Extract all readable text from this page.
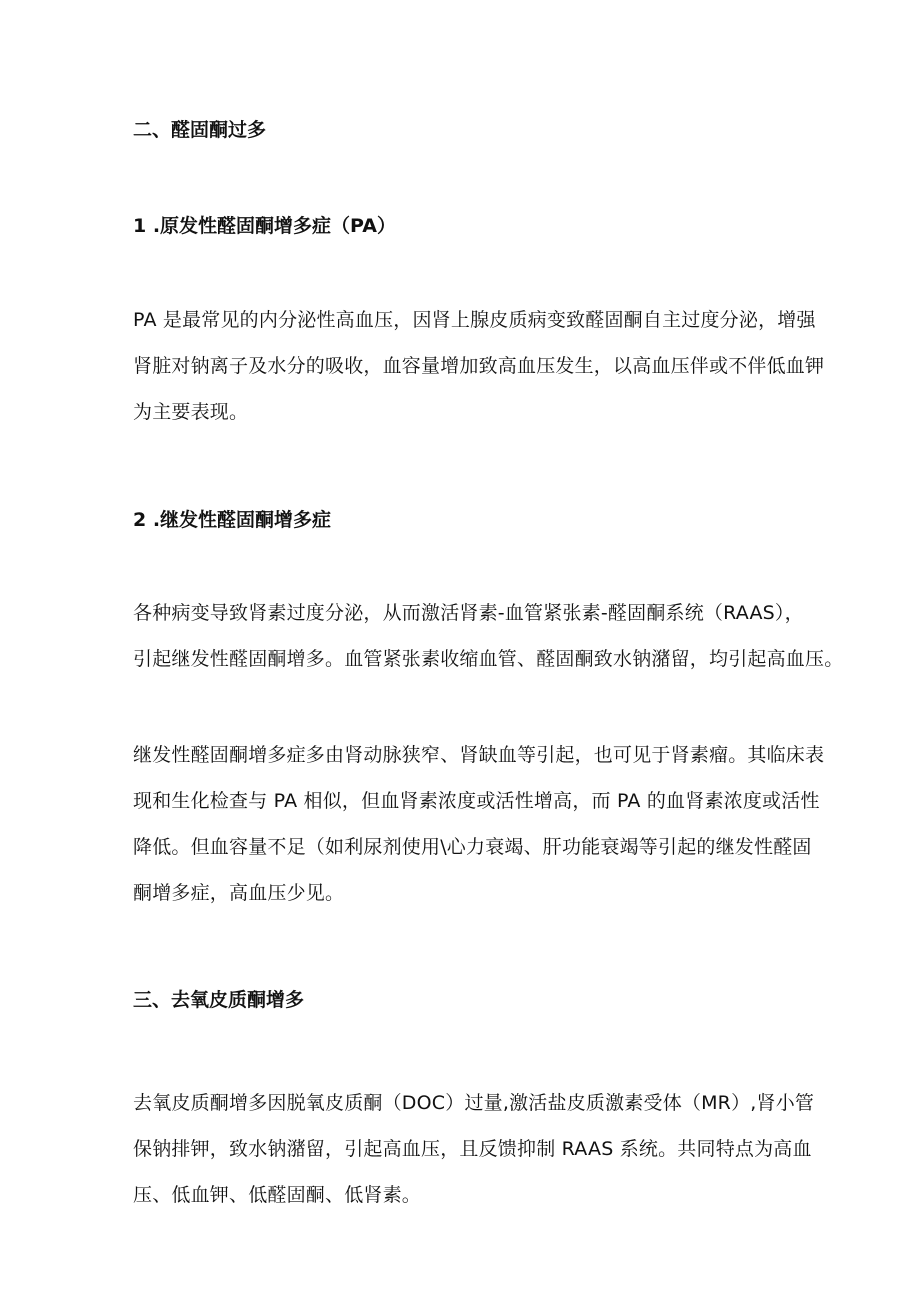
二、醛固酮过多
1 .原发性醛固酮增多症（PA）

PA 是最常见的内分泌性高血压，因肾上腺皮质病变致醛固酮自主过度分泌，增强
肾脏对钠离子及水分的吸收，血容量增加致高血压发生，以高血压伴或不伴低血钾
为主要表现。

2 .继发性醛固酮增多症

各种病变导致肾素过度分泌，从而激活肾素-血管紧张素-醛固酮系统（RAAS），
引起继发性醛固酮增多。血管紧张素收缩血管、醛固酮致水钠潴留，均引起高血压。

继发性醛固酮增多症多由肾动脉狭窄、肾缺血等引起，也可见于肾素瘤。其临床表
现和生化检查与 PA 相似，但血肾素浓度或活性增高，而 PA 的血肾素浓度或活性
降低。但血容量不足（如利尿剂使用\心力衰竭、肝功能衰竭等引起的继发性醛固
酮增多症，高血压少见。

三、去氧皮质酮增多

去氧皮质酮增多因脱氧皮质酮（DOC）过量,激活盐皮质激素受体（MR）,肾小管
保钠排钾，致水钠潴留，引起高血压，且反馈抑制 RAAS 系统。共同特点为高血
压、低血钾、低醛固酮、低肾素。
